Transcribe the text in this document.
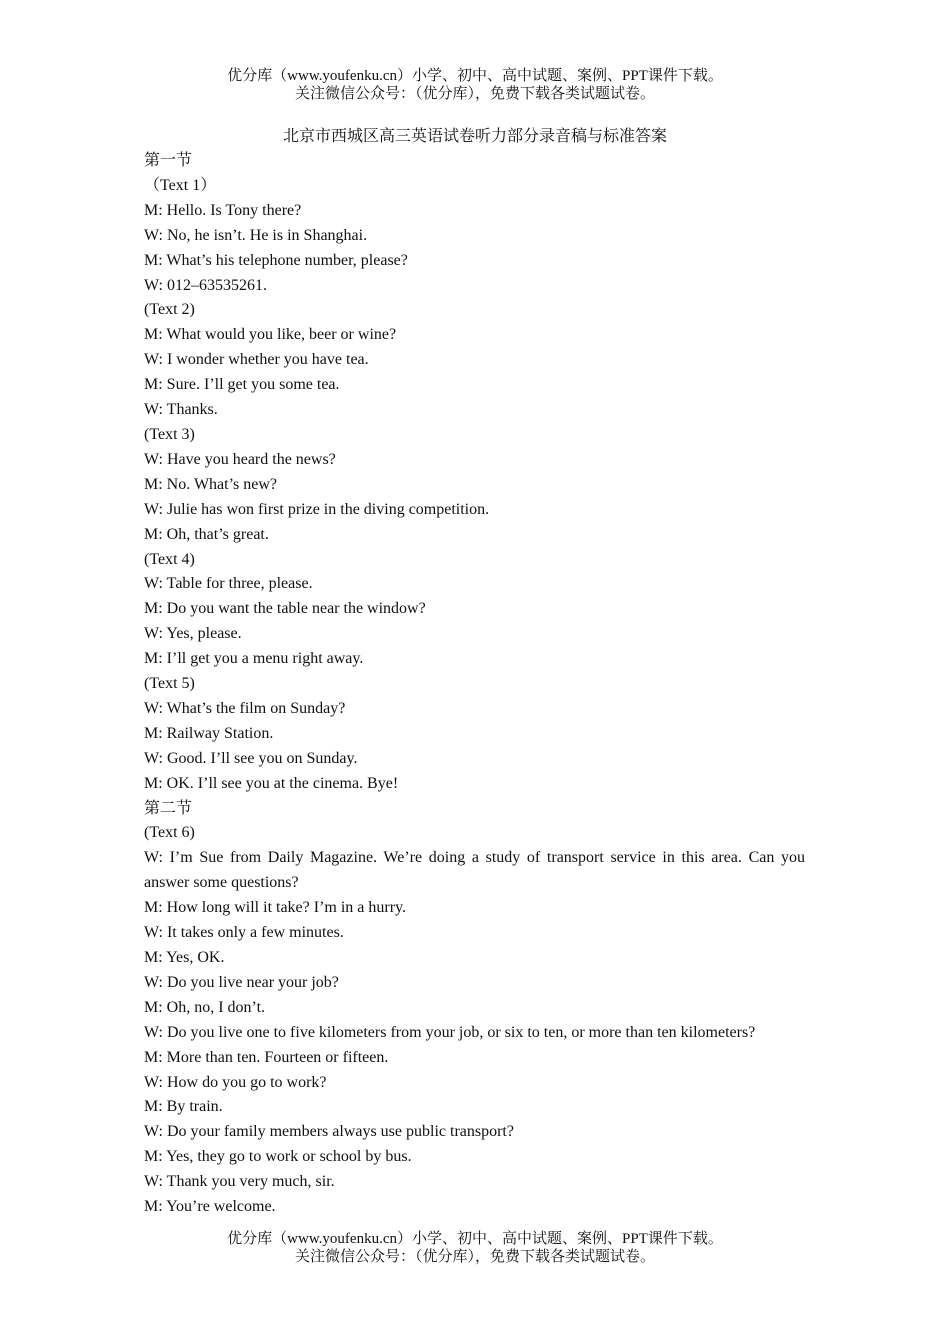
优分库（www.youfenku.cn）小学、初中、高中试题、案例、PPT课件下载。
关注微信公众号：（优分库），免费下载各类试题试卷。
北京市西城区高三英语试卷听力部分录音稿与标准答案

第一节

（Text 1）

M: Hello. Is Tony there?

W: No, he isn’t. He is in Shanghai.

M: What’s his telephone number, please?

W: 012–63535261.

(Text 2)

M: What would you like, beer or wine?

W: I wonder whether you have tea.

M: Sure. I’ll get you some tea.

W: Thanks.

(Text 3)

W: Have you heard the news?

M: No. What’s new?

W: Julie has won first prize in the diving competition.

M: Oh, that’s great.

(Text 4)

W: Table for three, please.

M: Do you want the table near the window?

W: Yes, please.

M: I’ll get you a menu right away.

(Text 5)

W: What’s the film on Sunday?

M: Railway Station.

W: Good. I’ll see you on Sunday.

M: OK. I’ll see you at the cinema. Bye!

第二节

(Text 6)

W: I’m Sue from Daily Magazine. We’re doing a study of transport service in this area. Can you answer some questions?

M: How long will it take? I’m in a hurry.

W: It takes only a few minutes.

M: Yes, OK.

W: Do you live near your job?

M: Oh, no, I don’t.

W: Do you live one to five kilometers from your job, or six to ten, or more than ten kilometers?

M: More than ten. Fourteen or fifteen.

W: How do you go to work?

M: By train.

W: Do your family members always use public transport?

M: Yes, they go to work or school by bus.

W: Thank you very much, sir.

M: You’re welcome.

优分库（www.youfenku.cn）小学、初中、高中试题、案例、PPT课件下载。
关注微信公众号：（优分库），免费下载各类试题试卷。
